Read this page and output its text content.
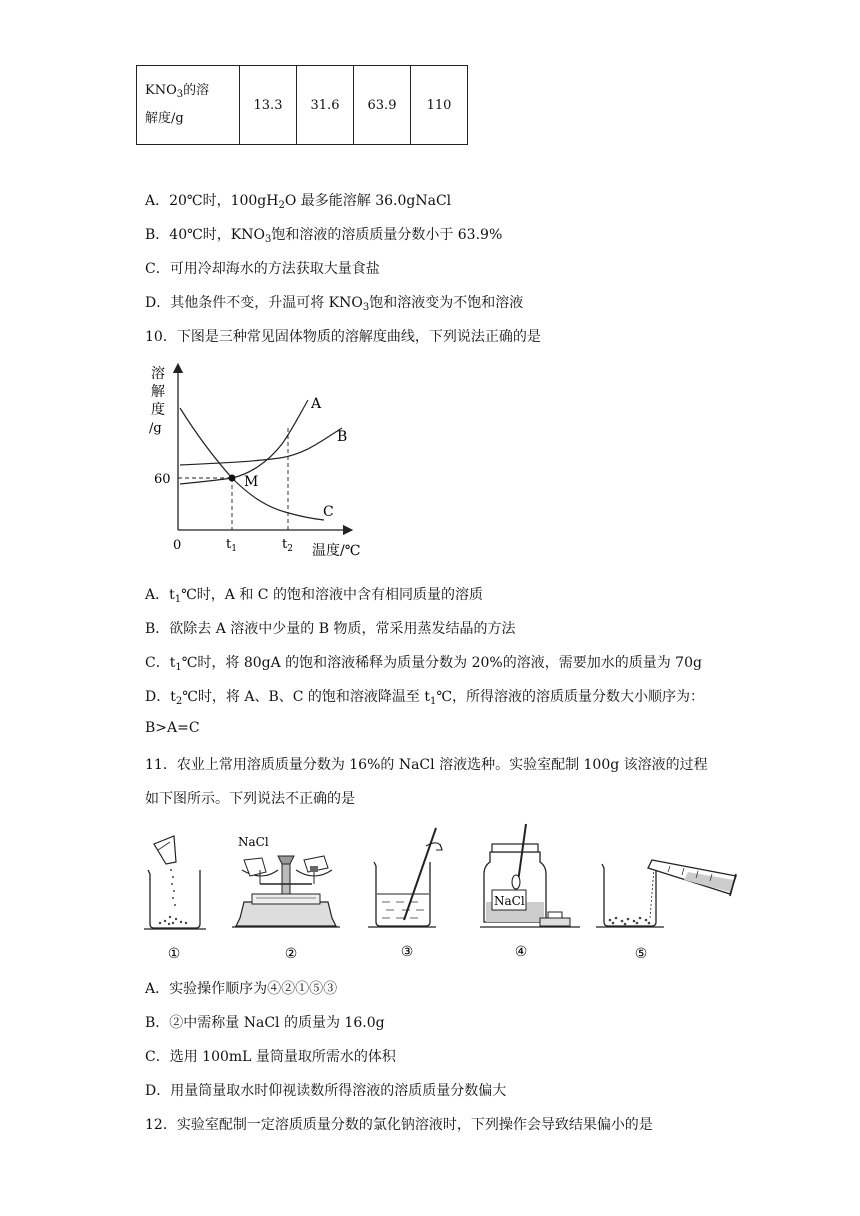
$KNO_3$的溶
解度/g	13.3	31.6	63.9	110
A．20℃时，$100gH_2O$ 最多能溶解 36.0gNaCl
B．40℃时，$KNO_3$饱和溶液的溶质质量分数小于 63.9%
C．可用冷却海水的方法获取大量食盐
D．其他条件不变，升温可将 $KNO_3$饱和溶液变为不饱和溶液
10．下图是三种常见固体物质的溶解度曲线，下列说法正确的是
溶
解
度
/g
60
0	$t_1$	$t_2$ 温度/℃
A
B
C
M
A．$t_1℃$时，A 和 C 的饱和溶液中含有相同质量的溶质
B．欲除去 A 溶液中少量的 B 物质，常采用蒸发结晶的方法
C．$t_1℃$时，将 80gA 的饱和溶液稀释为质量分数为 20%的溶液，需要加水的质量为 70g
D．$t_2℃$时，将 A、B、C 的饱和溶液降温至 $t_1℃$，所得溶液的溶质质量分数大小顺序为：
B>A=C
11．农业上常用溶质质量分数为 16%的 NaCl 溶液选种。实验室配制 100g 该溶液的过程
如下图所示。下列说法不正确的是
NaCl
NaCl
①	②	③	④	⑤
A．实验操作顺序为④②①⑤③
B．②中需称量 NaCl 的质量为 16.0g
C．选用 100mL 量筒量取所需水的体积
D．用量筒量取水时仰视读数所得溶液的溶质质量分数偏大
12．实验室配制一定溶质质量分数的氯化钠溶液时，下列操作会导致结果偏小的是
